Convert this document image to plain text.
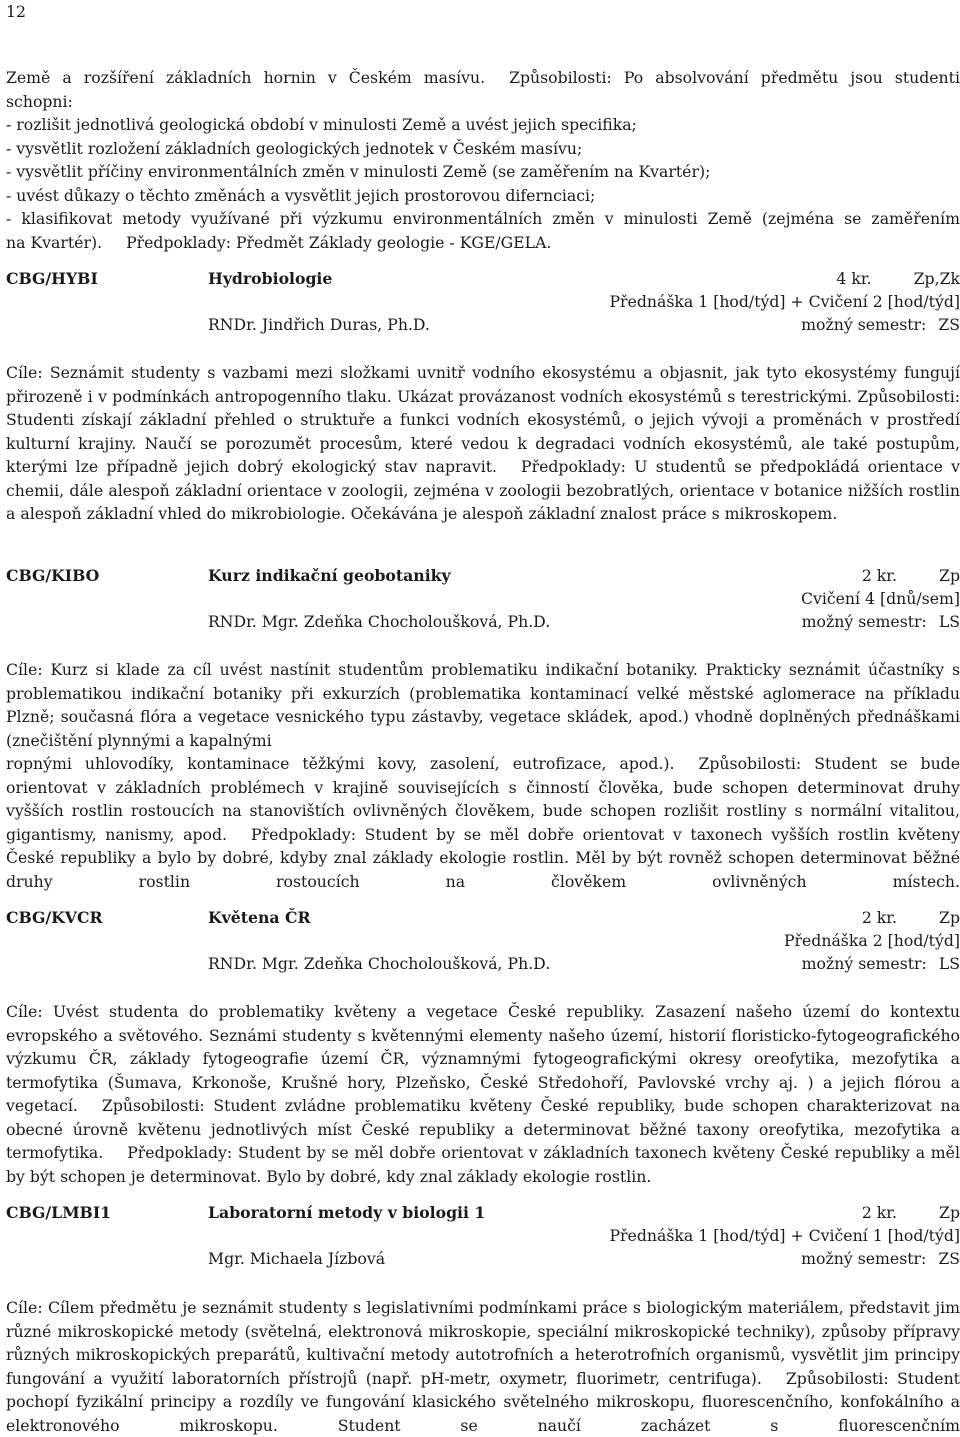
12

Země a rozšíření základních hornin v Českém masívu. Způsobilosti: Po absolvování předmětu jsou studenti

schopni:
- rozlišit jednotlivá geologická období v minulosti Země a uvést jejich specifika;
- vysvětlit rozložení základních geologických jednotek v Českém masívu;
- vysvětlit příčiny environmentálních změn v minulosti Země (se zaměřením na Kvartér);
- uvést důkazy o těchto změnách a vysvětlit jejich prostorovou difernciaci;

- klasifikovat metody využívané při výzkumu environmentálních změn v minulosti Země (zejména se zaměřením

na Kvartér). Předpoklady: Předmět Základy geologie - KGE/GELA.
CBG/HYBI	Hydrobiologie	4 kr.	Zp,Zk
Přednáška 1 [hod/týd] + Cvičení 2 [hod/týd]
RNDr. Jindřich Duras, Ph.D.	možný semestr: ZS

Cíle: Seznámit studenty s vazbami mezi složkami uvnitř vodního ekosystému a objasnit, jak tyto ekosystémy fungují přirozeně i v podmínkách antropogenního tlaku. Ukázat provázanost vodních ekosystémů s terestrickými. Způsobilosti: Studenti získají základní přehled o struktuře a funkci vodních ekosystémů, o jejich vývoji a proměnách v prostředí kulturní krajiny. Naučí se porozumět procesům, které vedou k degradaci vodních ekosystémů, ale také postupům, kterými lze případně jejich dobrý ekologický stav napravit. Předpoklady: U studentů se předpokládá orientace v chemii, dále alespoň základní orientace v zoologii, zejména v zoologii bezobratlých, orientace v botanice nižších rostlin a alespoň základní vhled do mikrobiologie. Očekávána je alespoň základní znalost práce s mikroskopem.

CBG/KIBO	Kurz indikační geobotaniky	2 kr.	Zp
Cvičení 4 [dnů/sem]
RNDr. Mgr. Zdeňka Chocholoušková, Ph.D.	možný semestr: LS

Cíle: Kurz si klade za cíl uvést nastínit studentům problematiku indikační botaniky. Prakticky seznámit účastníky s problematikou indikační botaniky při exkurzích (problematika kontaminací velké městské aglomerace na příkladu Plzně; současná flóra a vegetace vesnického typu zástavby, vegetace skládek, apod.) vhodně doplněných přednáškami (znečištění plynnými a kapalnými

ropnými uhlovodíky, kontaminace těžkými kovy, zasolení, eutrofizace, apod.). Způsobilosti: Student se bude orientovat v základních problémech v krajině souvisejících s činností člověka, bude schopen determinovat druhy vyšších rostlin rostoucích na stanovištích ovlivněných člověkem, bude schopen rozlišit rostliny s normální vitalitou, gigantismy, nanismy, apod. Předpoklady: Student by se měl dobře orientovat v taxonech vyšších rostlin květeny České republiky a bylo by dobré, kdyby znal základy ekologie rostlin. Měl by být rovněž schopen determinovat běžné druhy rostlin rostoucích na člověkem ovlivněných místech.

CBG/KVCR	Květena ČR	2 kr.	Zp
Přednáška 2 [hod/týd]
RNDr. Mgr. Zdeňka Chocholoušková, Ph.D.	možný semestr: LS

Cíle: Uvést studenta do problematiky květeny a vegetace České republiky. Zasazení našeho území do kontextu evropského a světového. Seznámi studenty s květennými elementy našeho území, historií floristicko-fytogeografického výzkumu ČR, základy fytogeografie území ČR, významnými fytogeografickými okresy oreofytika, mezofytika a termofytika (Šumava, Krkonoše, Krušné hory, Plzeňsko, České Středohoří, Pavlovské vrchy aj. ) a jejich flórou a vegetací. Způsobilosti: Student zvládne problematiku květeny České republiky, bude schopen charakterizovat na obecné úrovně květenu jednotlivých míst České republiky a determinovat běžné taxony oreofytika, mezofytika a termofytika. Předpoklady: Student by se měl dobře orientovat v základních taxonech květeny České republiky a měl by být schopen je determinovat. Bylo by dobré, kdy znal základy ekologie rostlin.

CBG/LMBI1	Laboratorní metody v biologii 1	2 kr.	Zp
Přednáška 1 [hod/týd] + Cvičení 1 [hod/týd]
Mgr. Michaela Jízbová	možný semestr: ZS

Cíle: Cílem předmětu je seznámit studenty s legislativními podmínkami práce s biologickým materiálem, představit jim různé mikroskopické metody (světelná, elektronová mikroskopie, speciální mikroskopické techniky), způsoby přípravy různých mikroskopických preparátů, kultivační metody autotrofních a heterotrofních organismů, vysvětlit jim principy fungování a využití laboratorních přístrojů (např. pH-metr, oxymetr, fluorimetr, centrifuga). Způsobilosti: Student pochopí fyzikální principy a rozdíly ve fungování klasického světelného mikroskopu, fluorescenčního, konfokálního a elektronového mikroskopu. Student se naučí zacházet s fluorescenčním
